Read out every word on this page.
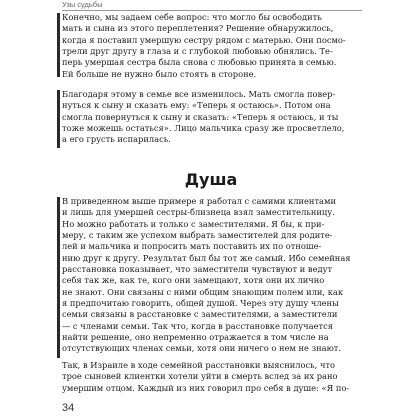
Узы судьбы
Конечно, мы задаем себе вопрос: что могло бы освободить
мать и сына из этого переплетения? Решение обнаружилось,
когда я поставил умершую сестру рядом с матерью. Они посмо-
трели друг другу в глаза и с глубокой любовью обнялись. Те-
перь умершая сестра была снова с любовью принята в семью.
Ей больше не нужно было стоять в стороне.
Благодаря этому в семье все изменилось. Мать смогла повер-
нуться к сыну и сказать ему: «Теперь я остаюсь». Потом она
смогла повернуться к сыну и сказать: «Теперь я остаюсь, и ты
тоже можешь остаться». Лицо мальчика сразу же просветлело,
а его грусть испарилась.
Душа
В приведенном выше примере я работал с самими клиентами
и лишь для умершей сестры-близнеца взял заместительницу.
Но можно работать и только с заместителями. Я бы, к при-
меру, с таким же успехом выбрать заместителей для родите-
лей и мальчика и попросить мать поставить их по отноше-
нию друг к другу. Результат был бы тот же самый. Ибо семейная
расстановка показывает, что заместители чувствуют и ведут
себя так же, как те, кого они замещают, хотя они их лично
не знают. Они связаны с ними общим знающим полем или, как
я предпочитаю говорить, общей душой. Через эту душу члены
семьи связаны в расстановке с заместителями, а заместители
— с членами семьи. Так что, когда в расстановке получается
найти решение, оно непременно отражается в том числе на
отсутствующих членах семьи, хотя они ничего о нем не знают.
Так, в Израиле в ходе семейной расстановки выяснилось, что
трое сыновей клиентки хотели уйти в смерть вслед за их рано
умершим отцом. Каждый из них говорил про себя в душе: «Я по-
34
